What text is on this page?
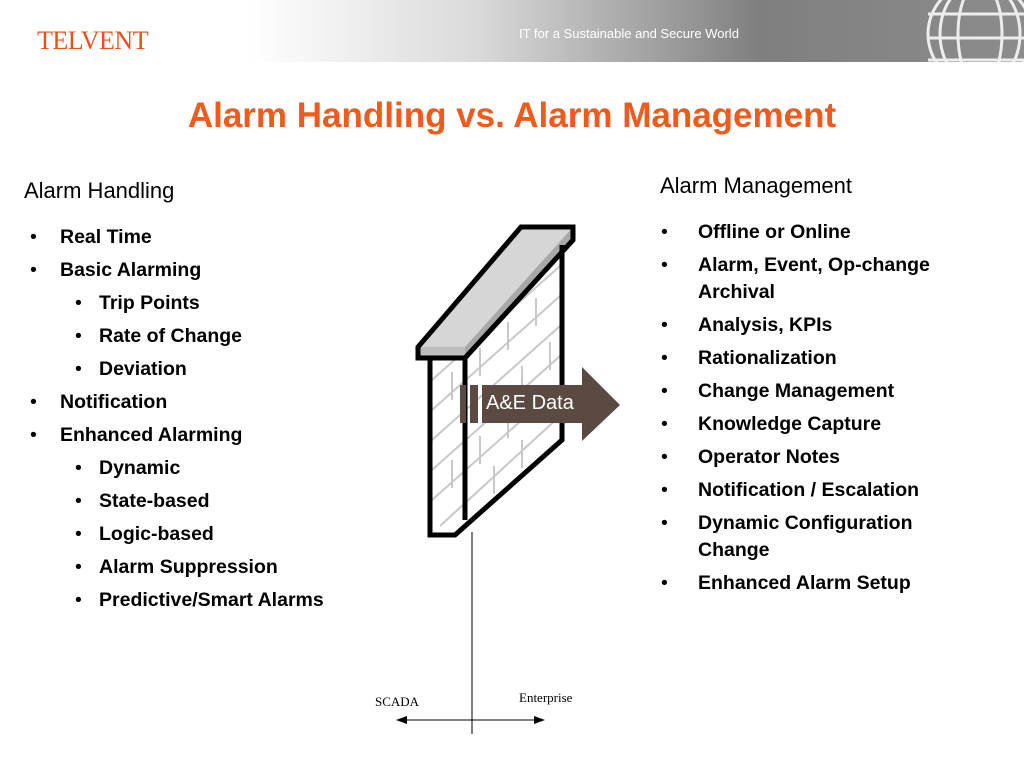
TELVENT	IT for a Sustainable and Secure World
Alarm Handling vs. Alarm Management
Alarm Handling
• Real Time
• Basic Alarming
• Trip Points
• Rate of Change
• Deviation
• Notification
• Enhanced Alarming
• Dynamic
• State-based
• Logic-based
• Alarm Suppression
• Predictive/Smart Alarms
Alarm Management
• Offline or Online
• Alarm, Event, Op-change
Archival
• Analysis, KPIs
• Rationalization
• Change Management
• Knowledge Capture
• Operator Notes
• Notification / Escalation
• Dynamic Configuration
Change
• Enhanced Alarm Setup
A&E Data
SCADA	Enterprise
